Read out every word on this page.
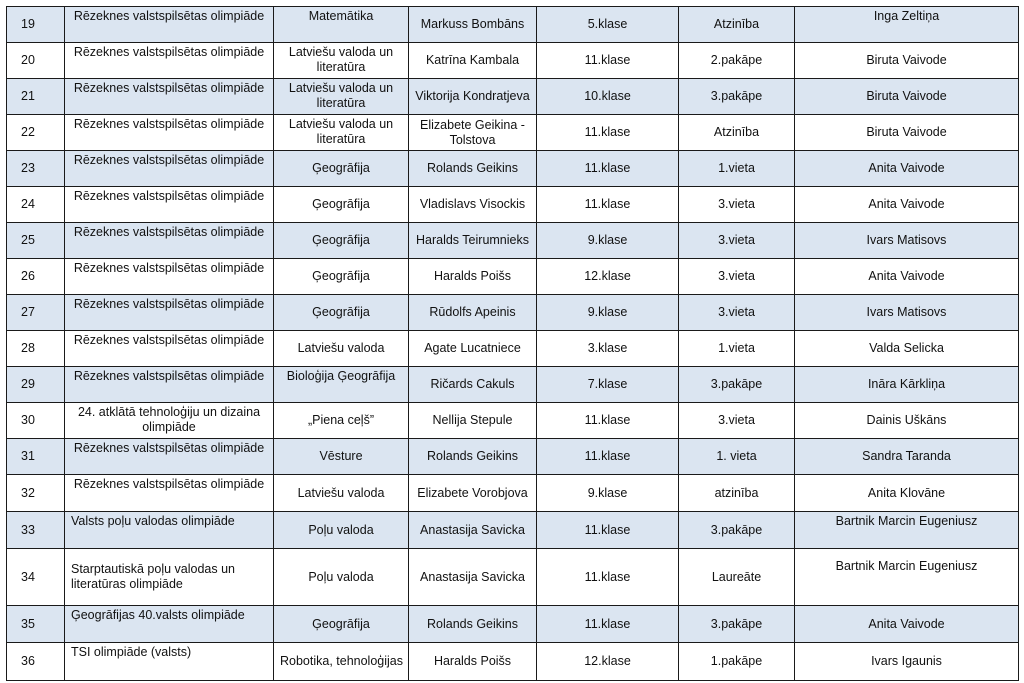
19	Rēzeknes valstspilsētas olimpiāde	Matemātika	Markuss Bombāns	5.klase	Atzinība	Inga Zeltiņa
20	Rēzeknes valstspilsētas olimpiāde	Latviešu valoda un literatūra	Katrīna Kambala	11.klase	2.pakāpe	Biruta Vaivode
21	Rēzeknes valstspilsētas olimpiāde	Latviešu valoda un literatūra	Viktorija Kondratjeva	10.klase	3.pakāpe	Biruta Vaivode
22	Rēzeknes valstspilsētas olimpiāde	Latviešu valoda un literatūra	Elizabete Geikina - Tolstova	11.klase	Atzinība	Biruta Vaivode
23	Rēzeknes valstspilsētas olimpiāde	Ģeogrāfija	Rolands Geikins	11.klase	1.vieta	Anita Vaivode
24	Rēzeknes valstspilsētas olimpiāde	Ģeogrāfija	Vladislavs Visockis	11.klase	3.vieta	Anita Vaivode
25	Rēzeknes valstspilsētas olimpiāde	Ģeogrāfija	Haralds Teirumnieks	9.klase	3.vieta	Ivars Matisovs
26	Rēzeknes valstspilsētas olimpiāde	Ģeogrāfija	Haralds Poišs	12.klase	3.vieta	Anita Vaivode
27	Rēzeknes valstspilsētas olimpiāde	Ģeogrāfija	Rūdolfs Apeinis	9.klase	3.vieta	Ivars Matisovs
28	Rēzeknes valstspilsētas olimpiāde	Latviešu valoda	Agate Lucatniece	3.klase	1.vieta	Valda Selicka
29	Rēzeknes valstspilsētas olimpiāde	Bioloģija Ģeogrāfija	Ričards Cakuls	7.klase	3.pakāpe	Ināra Kārkliņa
30	24. atklātā tehnoloģiju un dizaina olimpiāde	„Piena ceļš”	Nellija Stepule	11.klase	3.vieta	Dainis Uškāns
31	Rēzeknes valstspilsētas olimpiāde	Vēsture	Rolands Geikins	11.klase	1. vieta	Sandra Taranda
32	Rēzeknes valstspilsētas olimpiāde	Latviešu valoda	Elizabete Vorobjova	9.klase	atzinība	Anita Klovāne
33	Valsts poļu valodas olimpiāde	Poļu valoda	Anastasija Savicka	11.klase	3.pakāpe	Bartnik Marcin Eugeniusz
34	Starptautiskā poļu valodas un literatūras olimpiāde	Poļu valoda	Anastasija Savicka	11.klase	Laureāte	Bartnik Marcin Eugeniusz
35	Ģeogrāfijas 40.valsts olimpiāde	Ģeogrāfija	Rolands Geikins	11.klase	3.pakāpe	Anita Vaivode
36	TSI olimpiāde (valsts)	Robotika, tehnoloģijas	Haralds Poišs	12.klase	1.pakāpe	Ivars Igaunis
